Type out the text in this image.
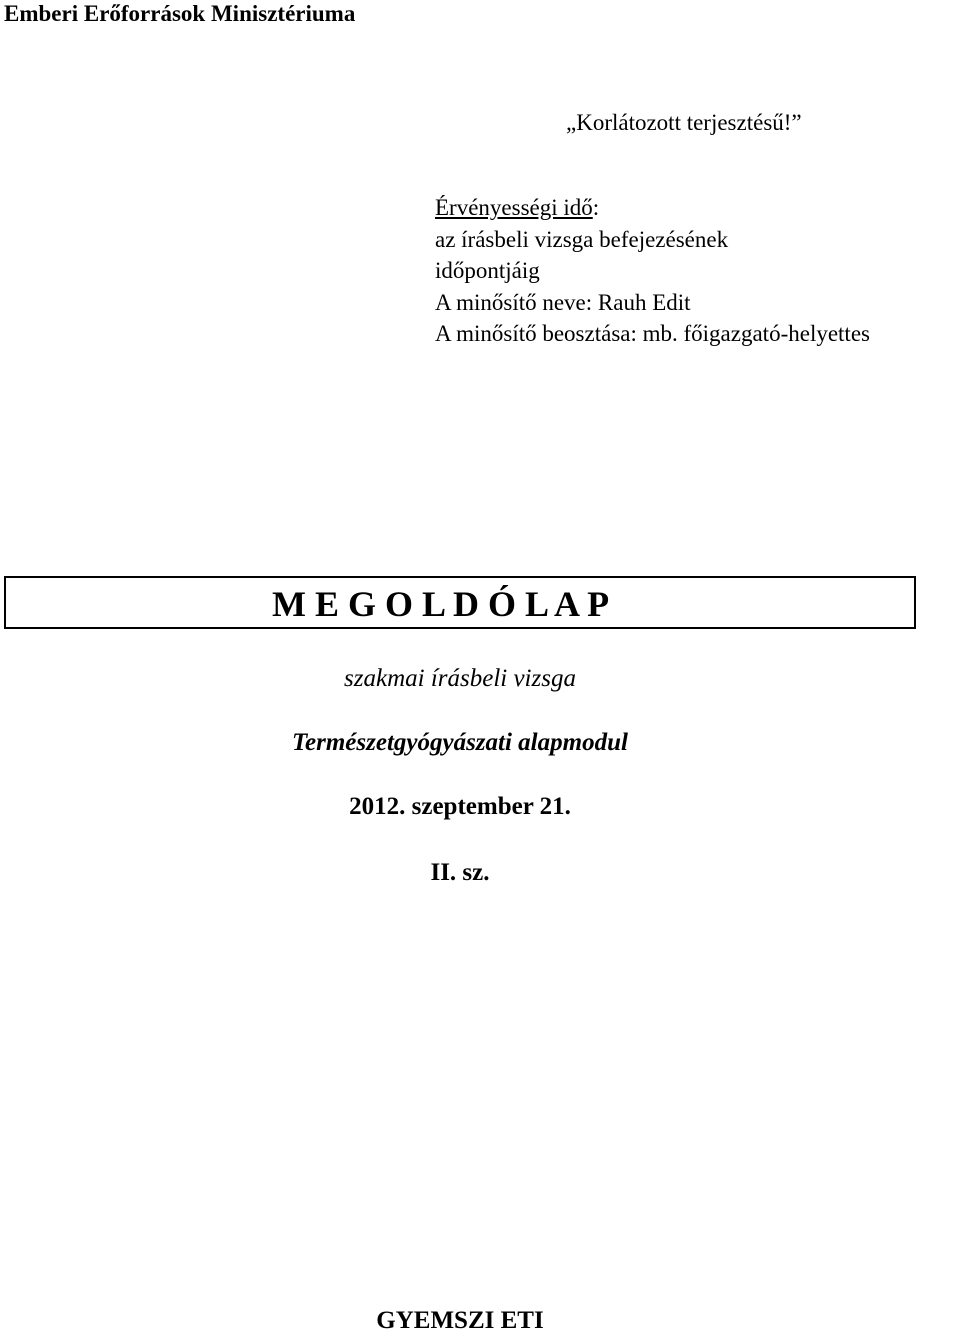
Emberi Erőforrások Minisztériuma
„Korlátozott terjesztésű!”
Érvényességi idő:
az írásbeli vizsga befejezésének
időpontjáig
A minősítő neve: Rauh Edit
A minősítő beosztása: mb. főigazgató-helyettes
M E G O L D Ó L A P
szakmai írásbeli vizsga
Természetgyógyászati alapmodul
2012. szeptember 21.
II. sz.
GYEMSZI ETI
